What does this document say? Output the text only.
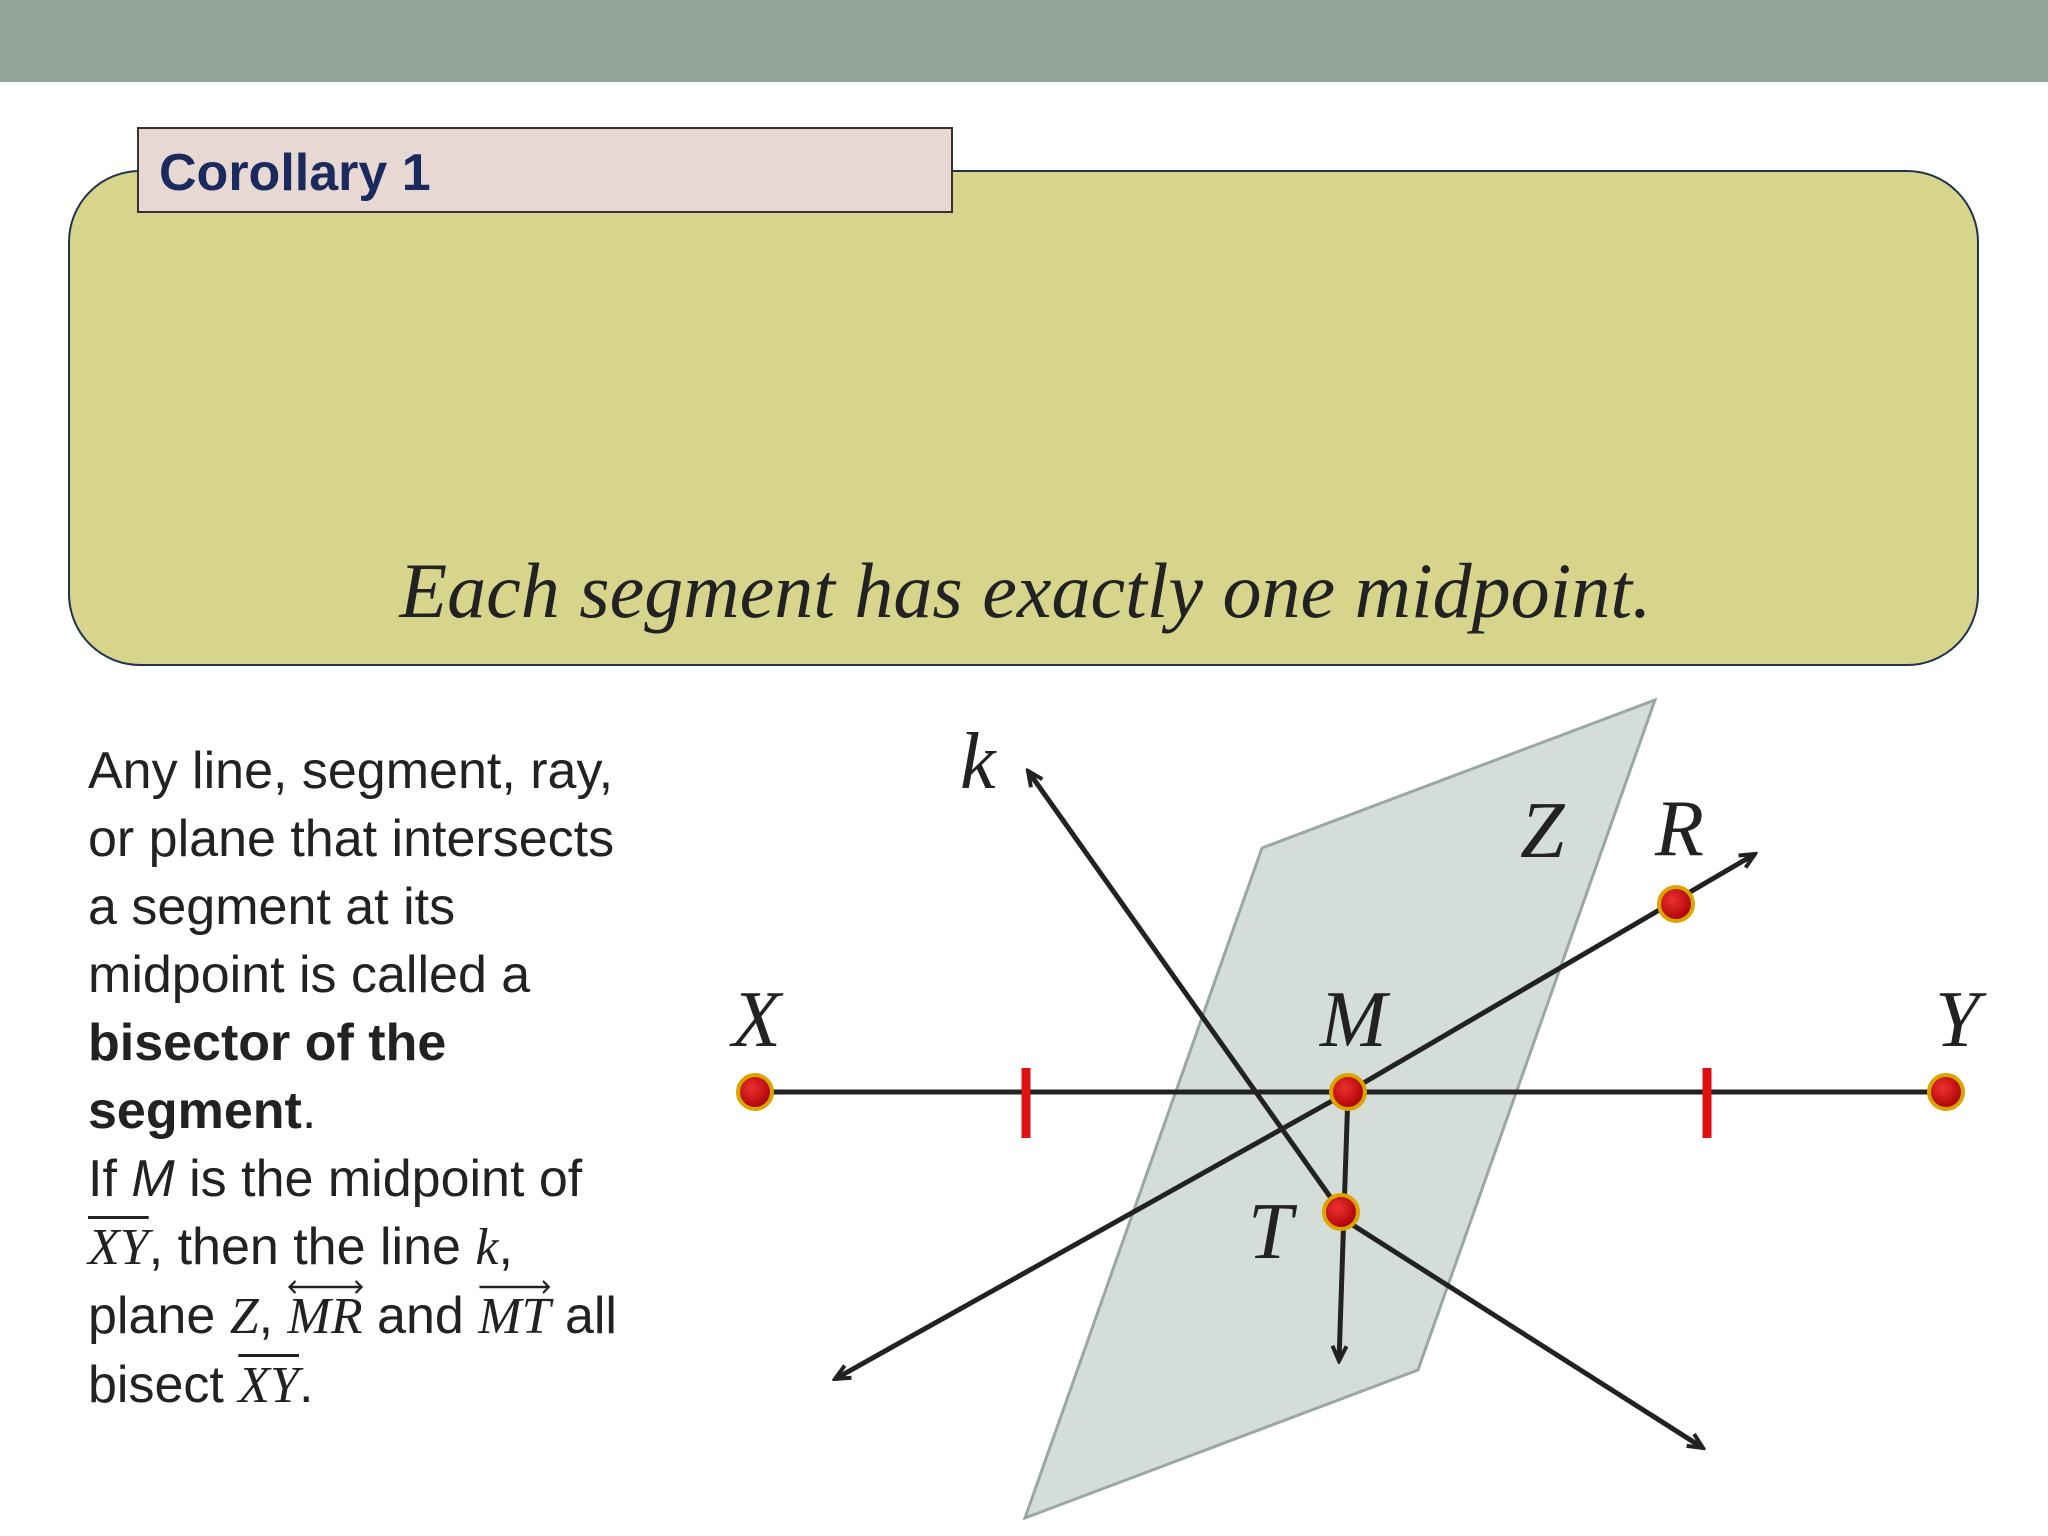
Each segment has exactly one midpoint.
Corollary 1
Any line, segment, ray,
or plane that intersects
a segment at its
midpoint is called a
bisector of the
segment.
If M is the midpoint of
$\overline{XY}$, then the line k,
plane Z,
MR and
MT all
bisect $\overline{XY}$.
k
Z R
X	M	Y
T
